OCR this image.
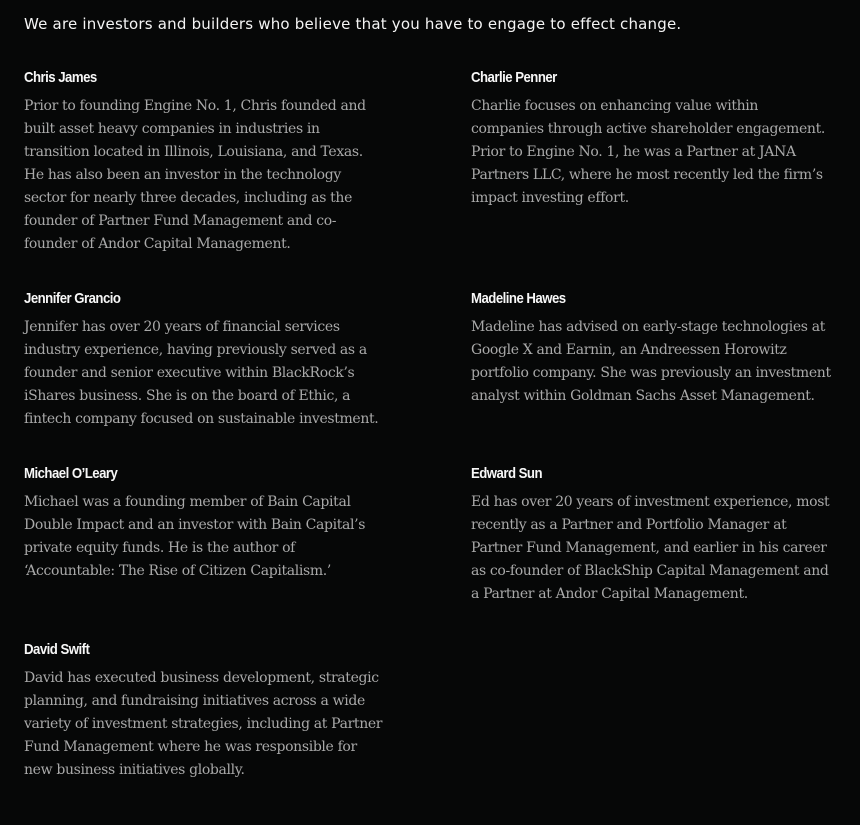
We are investors and builders who believe that you have to engage to effect change.
Chris James

Prior to founding Engine No. 1, Chris founded and built asset heavy companies in industries in transition located in Illinois, Louisiana, and Texas. He has also been an investor in the technology sector for nearly three decades, including as the founder of Partner Fund Management and co-founder of Andor Capital Management.

Charlie Penner

Charlie focuses on enhancing value within companies through active shareholder engagement. Prior to Engine No. 1, he was a Partner at JANA Partners LLC, where he most recently led the firm’s impact investing effort.

Jennifer Grancio

Jennifer has over 20 years of financial services industry experience, having previously served as a founder and senior executive within BlackRock’s iShares business. She is on the board of Ethic, a fintech company focused on sustainable investment.

Madeline Hawes

Madeline has advised on early-stage technologies at Google X and Earnin, an Andreessen Horowitz portfolio company. She was previously an investment analyst within Goldman Sachs Asset Management.

Michael O’Leary

Michael was a founding member of Bain Capital Double Impact and an investor with Bain Capital’s private equity funds. He is the author of ‘Accountable: The Rise of Citizen Capitalism.’

Edward Sun

Ed has over 20 years of investment experience, most recently as a Partner and Portfolio Manager at Partner Fund Management, and earlier in his career as co-founder of BlackShip Capital Management and a Partner at Andor Capital Management.

David Swift

David has executed business development, strategic planning, and fundraising initiatives across a wide variety of investment strategies, including at Partner Fund Management where he was responsible for new business initiatives globally.
